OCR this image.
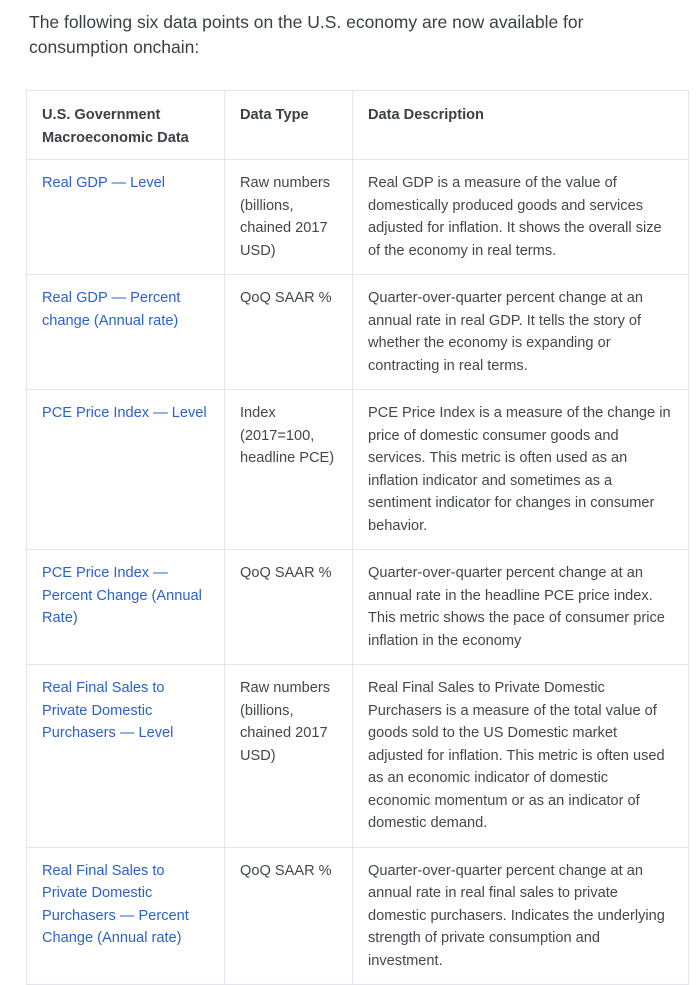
The following six data points on the U.S. economy are now available for consumption onchain:

U.S. Government Macroeconomic Data	Data Type	Data Description
Real GDP — Level	Raw numbers (billions, chained 2017 USD)	Real GDP is a measure of the value of domestically produced goods and services adjusted for inflation. It shows the overall size of the economy in real terms.
Real GDP — Percent change (Annual rate)	QoQ SAAR %	Quarter-over-quarter percent change at an annual rate in real GDP. It tells the story of whether the economy is expanding or contracting in real terms.
PCE Price Index — Level	Index (2017=100, headline PCE)	PCE Price Index is a measure of the change in price of domestic consumer goods and services. This metric is often used as an inflation indicator and sometimes as a sentiment indicator for changes in consumer behavior.
PCE Price Index — Percent Change (Annual Rate)	QoQ SAAR %	Quarter-over-quarter percent change at an annual rate in the headline PCE price index. This metric shows the pace of consumer price inflation in the economy
Real Final Sales to Private Domestic Purchasers — Level	Raw numbers (billions, chained 2017 USD)	Real Final Sales to Private Domestic Purchasers is a measure of the total value of goods sold to the US Domestic market adjusted for inflation. This metric is often used as an economic indicator of domestic economic momentum or as an indicator of domestic demand.
Real Final Sales to Private Domestic Purchasers — Percent Change (Annual rate)	QoQ SAAR %	Quarter-over-quarter percent change at an annual rate in real final sales to private domestic purchasers. Indicates the underlying strength of private consumption and investment.
